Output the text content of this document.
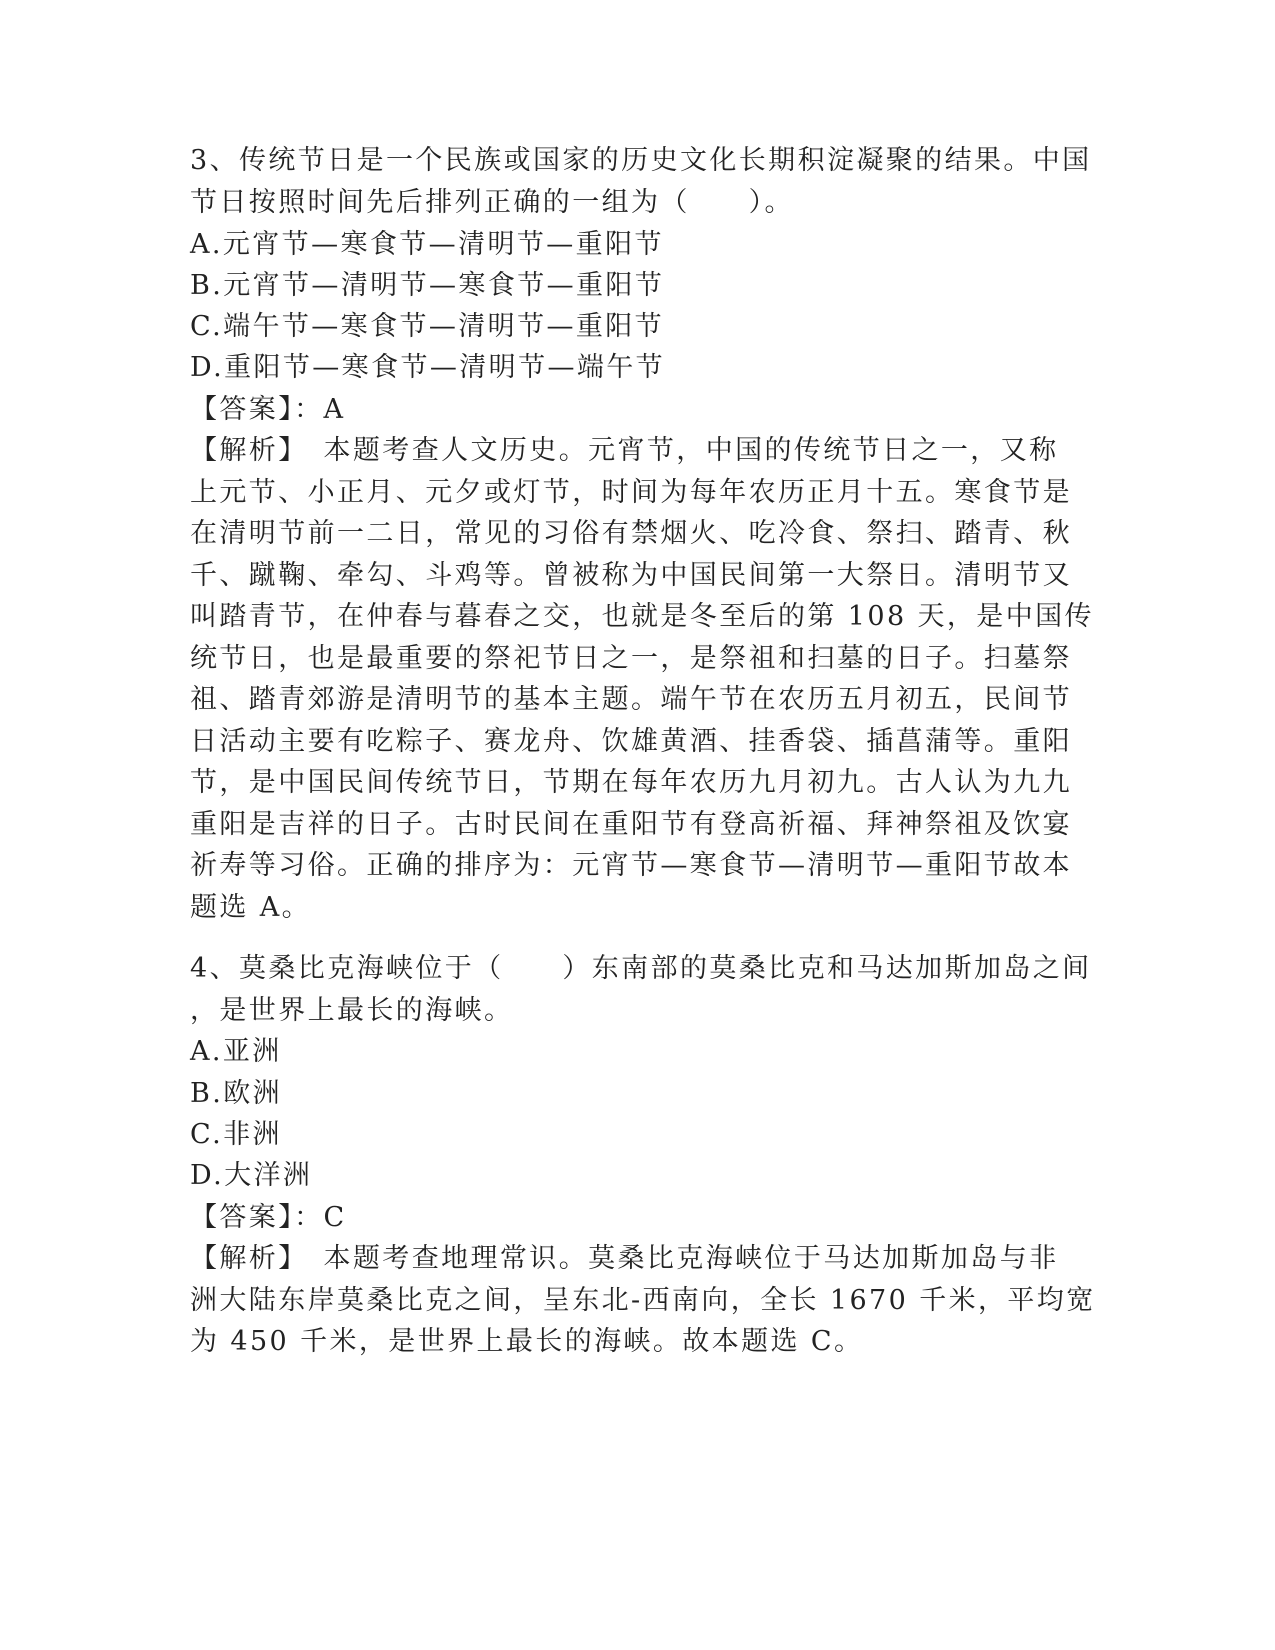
3、传统节日是一个民族或国家的历史文化长期积淀凝聚的结果。中国
节日按照时间先后排列正确的一组为（　　）。
A.元宵节—寒食节—清明节—重阳节
B.元宵节—清明节—寒食节—重阳节
C.端午节—寒食节—清明节—重阳节
D.重阳节—寒食节—清明节—端午节
【答案】：A
【解析】　本题考查人文历史。元宵节，中国的传统节日之一，又称
上元节、小正月、元夕或灯节，时间为每年农历正月十五。寒食节是
在清明节前一二日，常见的习俗有禁烟火、吃冷食、祭扫、踏青、秋
千、蹴鞠、牵勾、斗鸡等。曾被称为中国民间第一大祭日。清明节又
叫踏青节，在仲春与暮春之交，也就是冬至后的第 108 天，是中国传
统节日，也是最重要的祭祀节日之一，是祭祖和扫墓的日子。扫墓祭
祖、踏青郊游是清明节的基本主题。端午节在农历五月初五，民间节
日活动主要有吃粽子、赛龙舟、饮雄黄酒、挂香袋、插菖蒲等。重阳
节，是中国民间传统节日，节期在每年农历九月初九。古人认为九九
重阳是吉祥的日子。古时民间在重阳节有登高祈福、拜神祭祖及饮宴
祈寿等习俗。正确的排序为：元宵节—寒食节—清明节—重阳节故本
题选 A。
4、莫桑比克海峡位于（　　）东南部的莫桑比克和马达加斯加岛之间
，是世界上最长的海峡。
A.亚洲
B.欧洲
C.非洲
D.大洋洲
【答案】：C
【解析】　本题考查地理常识。莫桑比克海峡位于马达加斯加岛与非
洲大陆东岸莫桑比克之间，呈东北-西南向，全长 1670 千米，平均宽
为 450 千米，是世界上最长的海峡。故本题选 C。
